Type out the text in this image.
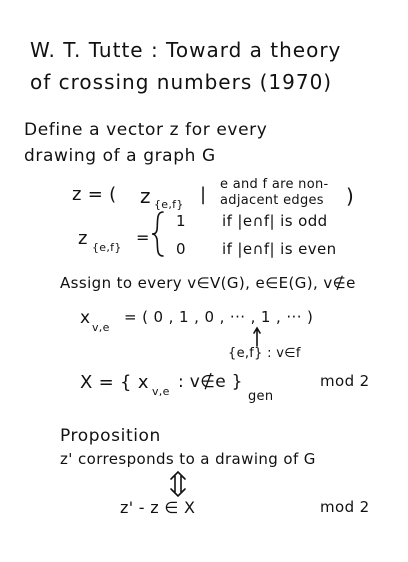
W. T. Tutte : Toward a theory
of crossing numbers (1970)
Define a vector z for every
drawing of a graph G
z = ( z {e,f} | e and f are non-
adjacent edges )
z {e,f}
=
1 if |e∩f| is odd
0 if |e∩f| is even
Assign to every v∈V(G), e∈E(G), v∉e
x v,e
= ( 0 , 1 , 0 , ··· , 1 , ··· )
{e,f} : v∈f
X = { x v,e : v∉e }
gen
mod 2
Proposition
z' corresponds to a drawing of G
z' - z ∈ X	mod 2
